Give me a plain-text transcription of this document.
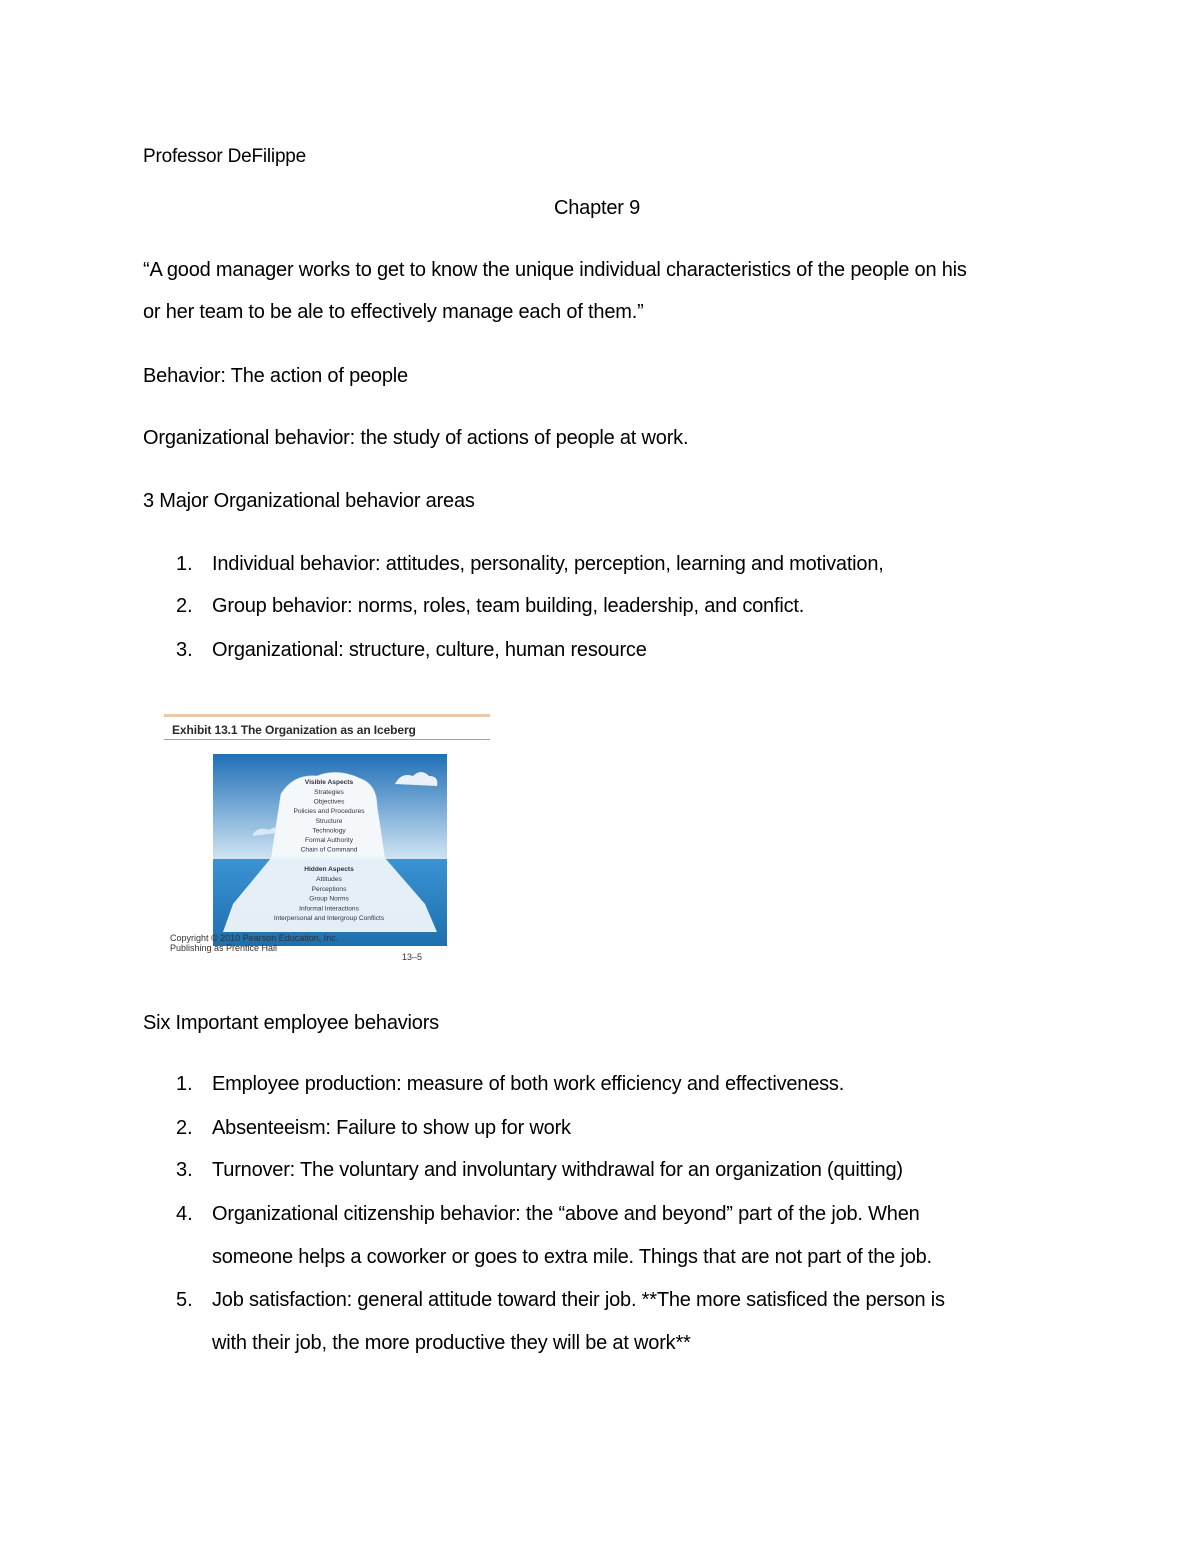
Professor DeFilippe
Chapter 9
“A good manager works to get to know the unique individual characteristics of the people on his
or her team to be ale to effectively manage each of them.”
Behavior: The action of people
Organizational behavior: the study of actions of people at work.
3 Major Organizational behavior areas
1. Individual behavior: attitudes, personality, perception, learning and motivation,
2. Group behavior: norms, roles, team building, leadership, and confict.
3. Organizational: structure, culture, human resource
Exhibit 13.1 The Organization as an Iceberg
Visible Aspects
Strategies
Objectives
Policies and Procedures
Structure
Technology
Formal Authority
Chain of Command
Hidden Aspects
Attitudes
Perceptions
Group Norms
Informal Interactions
Interpersonal and Intergroup Conflicts
Copyright © 2010 Pearson Education, Inc.
Publishing as Prentice Hall
13–5
Six Important employee behaviors
1. Employee production: measure of both work efficiency and effectiveness.
2. Absenteeism: Failure to show up for work
3. Turnover: The voluntary and involuntary withdrawal for an organization (quitting)
4. Organizational citizenship behavior: the “above and beyond” part of the job. When
someone helps a coworker or goes to extra mile. Things that are not part of the job.
5. Job satisfaction: general attitude toward their job. **The more satisficed the person is
with their job, the more productive they will be at work**
